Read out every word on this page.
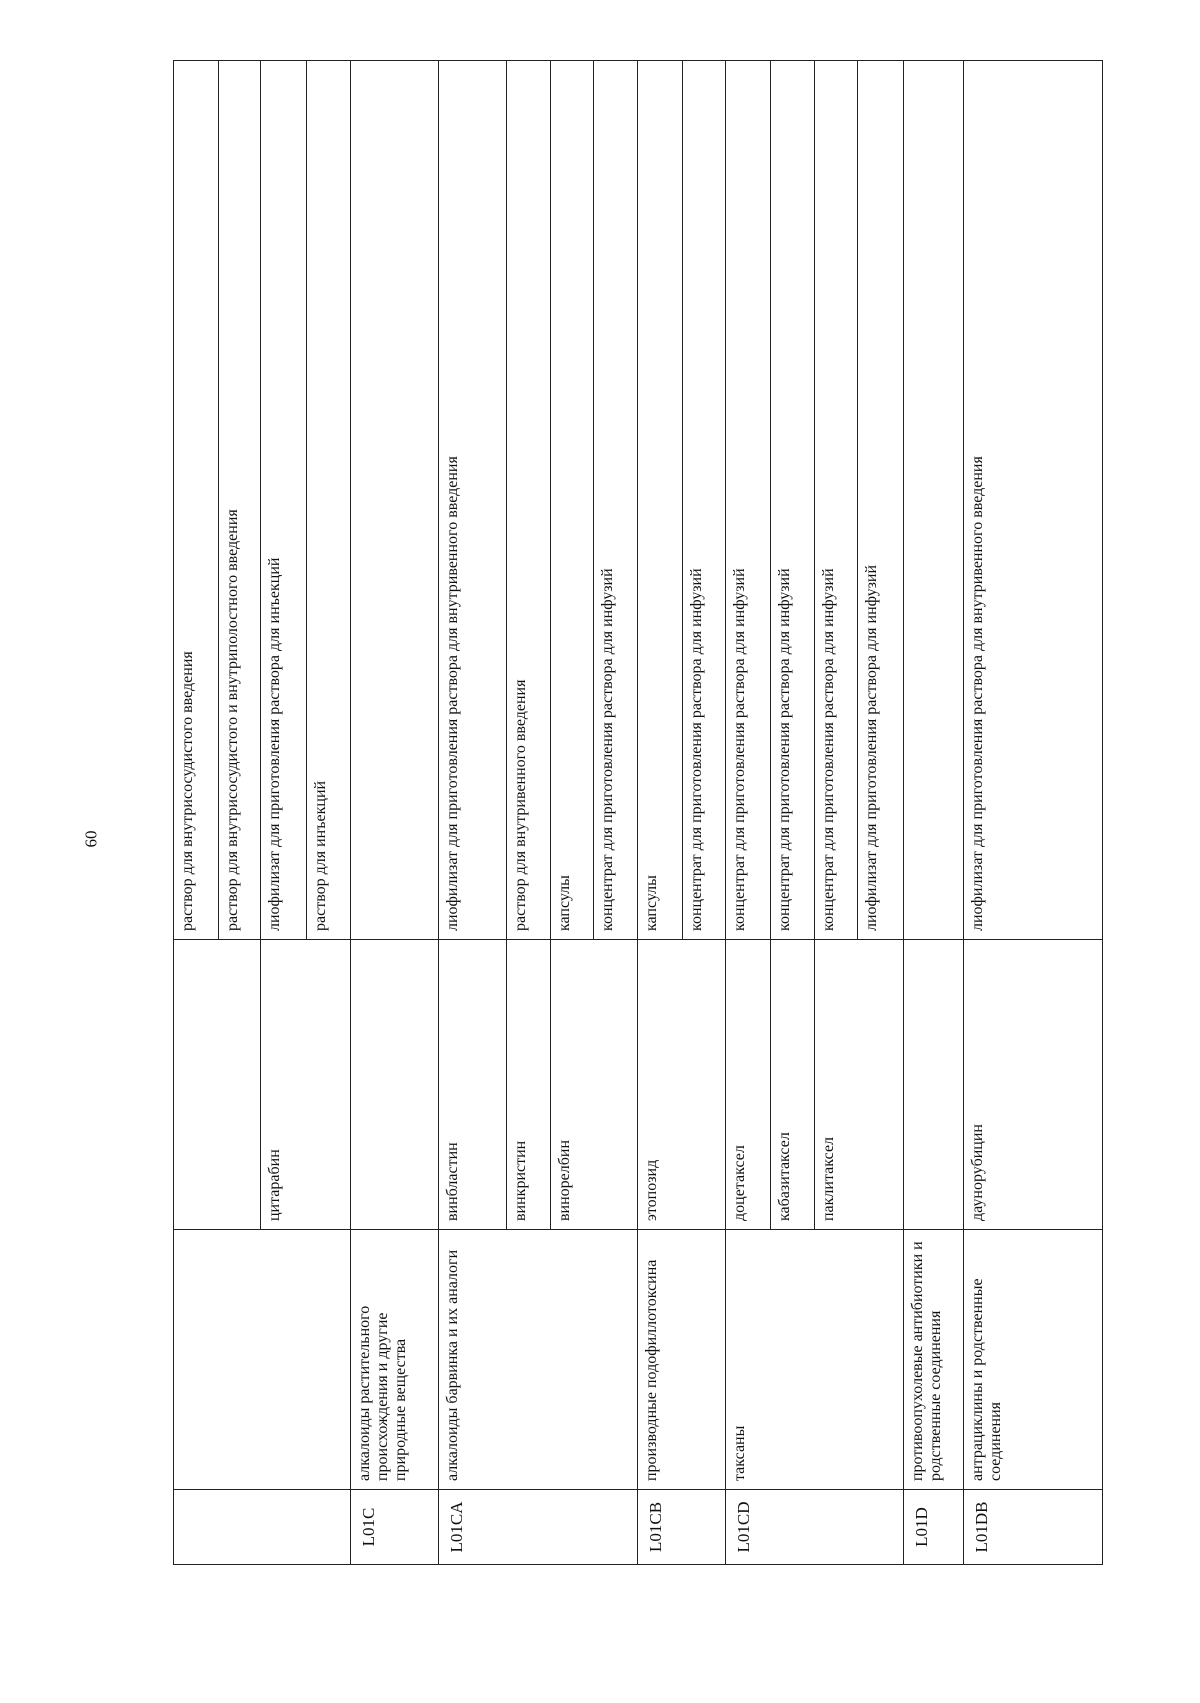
60
				раствор для внутрисосудистого введения
			раствор для внутрисосудистого и внутриполостного введения
		цитарабин	лиофилизат для приготовления раствора для инъекций
			раствор для инъекций
L01C	алкалоиды растительного происхождения и другие природные вещества		
L01CA	алкалоиды барвинка и их аналоги	винбластин	лиофилизат для приготовления раствора для внутривенного введения
		винкристин	раствор для внутривенного введения
		винорелбин	капсулы
			концентрат для приготовления раствора для инфузий
L01CB	производные подофиллотоксина	этопозид	капсулы
			концентрат для приготовления раствора для инфузий
L01CD	таксаны	доцетаксел	концентрат для приготовления раствора для инфузий
		кабазитаксел	концентрат для приготовления раствора для инфузий
		паклитаксел	концентрат для приготовления раствора для инфузий
			лиофилизат для приготовления раствора для инфузий
L01D	противоопухолевые антибиотики и родственные соединения		
L01DB	антрациклины и родственные соединения	даунорубицин	лиофилизат для приготовления раствора для внутривенного введения
